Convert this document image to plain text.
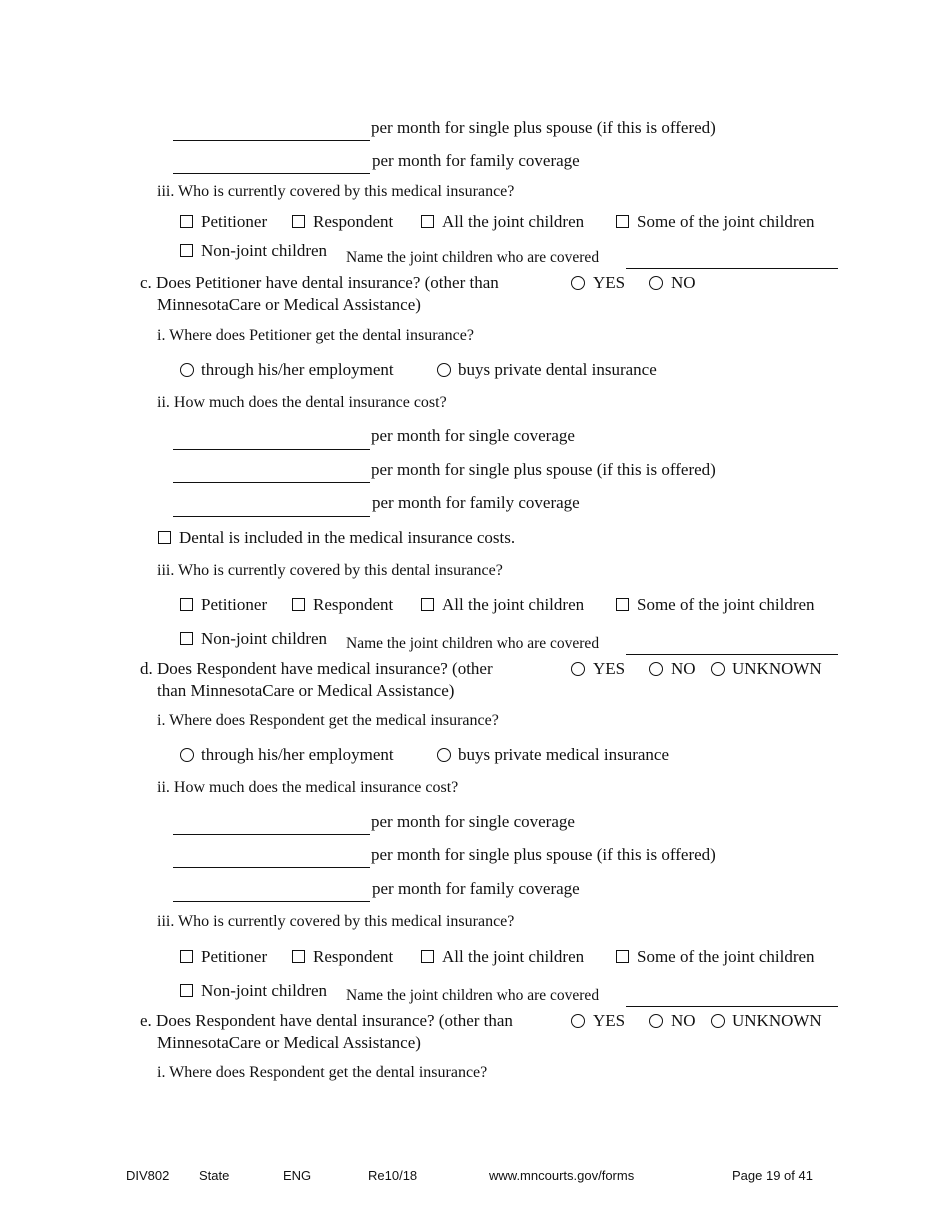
per month for single plus spouse (if this is offered)
per month for family coverage
iii. Who is currently covered by this medical insurance?
Petitioner	Respondent	All the joint children	Some of the joint children
Non-joint children Name the joint children who are covered
c. Does Petitioner have dental insurance? (other than
MinnesotaCare or Medical Assistance)
YES	NO
i. Where does Petitioner get the dental insurance?
through his/her employment	buys private dental insurance
ii. How much does the dental insurance cost?
per month for single coverage
per month for single plus spouse (if this is offered)
per month for family coverage
Dental is included in the medical insurance costs.
iii. Who is currently covered by this dental insurance?
Petitioner	Respondent	All the joint children	Some of the joint children
Non-joint children Name the joint children who are covered
d. Does Respondent have medical insurance? (other
than MinnesotaCare or Medical Assistance)
YES	NO UNKNOWN
i. Where does Respondent get the medical insurance?
through his/her employment	buys private medical insurance
ii. How much does the medical insurance cost?
per month for single coverage
per month for single plus spouse (if this is offered)
per month for family coverage
iii. Who is currently covered by this medical insurance?
Petitioner	Respondent	All the joint children	Some of the joint children
Non-joint children Name the joint children who are covered
e. Does Respondent have dental insurance? (other than
MinnesotaCare or Medical Assistance)
YES	NO UNKNOWN
i. Where does Respondent get the dental insurance?
DIV802 State	ENG	Re10/18	www.mncourts.gov/forms	Page 19 of 41
